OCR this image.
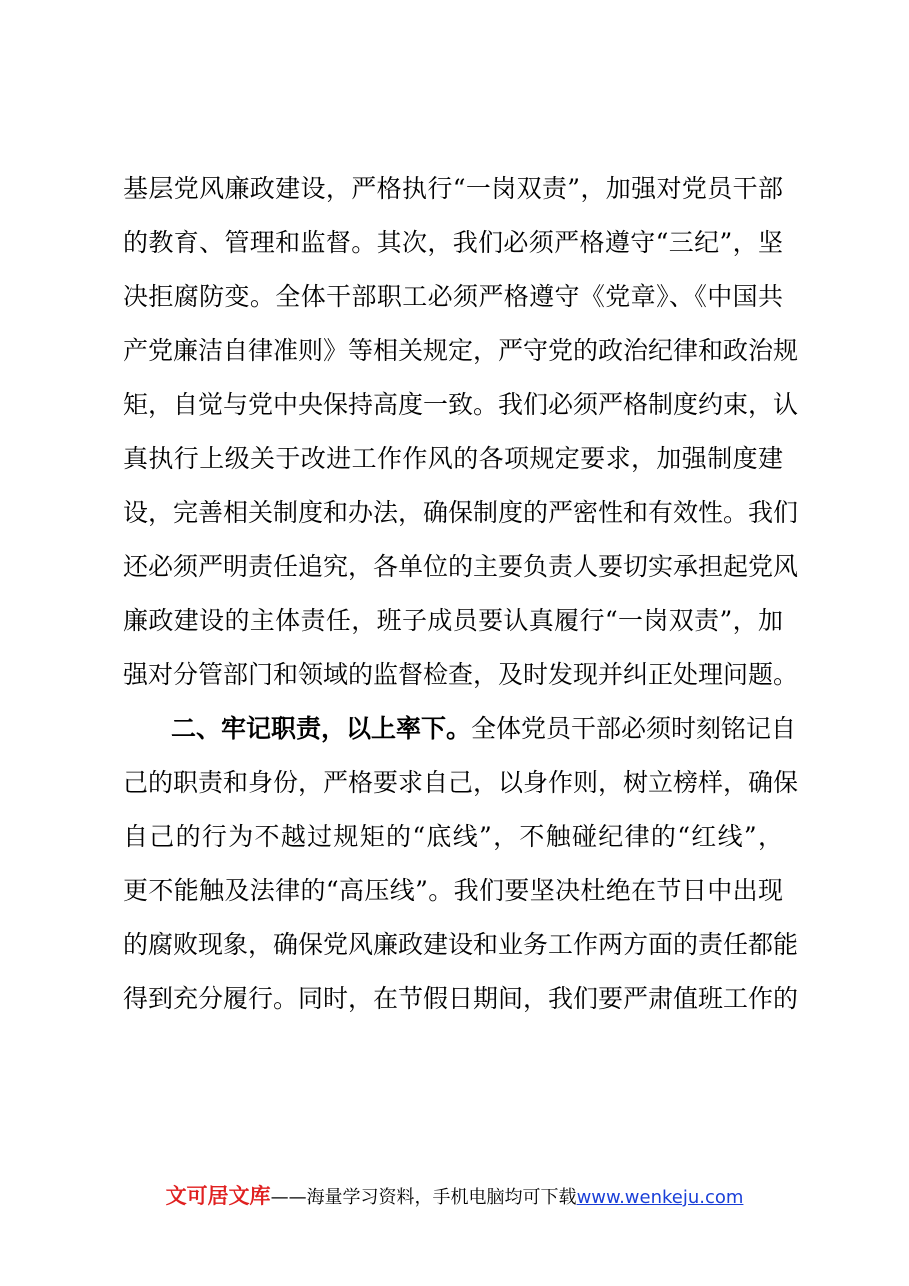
基层党风廉政建设，严格执行“一岗双责”，加强对党员干部
的教育、管理和监督。其次，我们必须严格遵守“三纪”，坚
决拒腐防变。全体干部职工必须严格遵守《党章》、《中国共
产党廉洁自律准则》等相关规定，严守党的政治纪律和政治规
矩，自觉与党中央保持高度一致。我们必须严格制度约束，认
真执行上级关于改进工作作风的各项规定要求，加强制度建
设，完善相关制度和办法，确保制度的严密性和有效性。我们
还必须严明责任追究，各单位的主要负责人要切实承担起党风
廉政建设的主体责任，班子成员要认真履行“一岗双责”，加
强对分管部门和领域的监督检查，及时发现并纠正处理问题。
二、牢记职责，以上率下。全体党员干部必须时刻铭记自
己的职责和身份，严格要求自己，以身作则，树立榜样，确保
自己的行为不越过规矩的“底线”，不触碰纪律的“红线”，
更不能触及法律的“高压线”。我们要坚决杜绝在节日中出现
的腐败现象，确保党风廉政建设和业务工作两方面的责任都能
得到充分履行。同时，在节假日期间，我们要严肃值班工作的
文可居文库——海量学习资料，手机电脑均可下载www.wenkeju.com
